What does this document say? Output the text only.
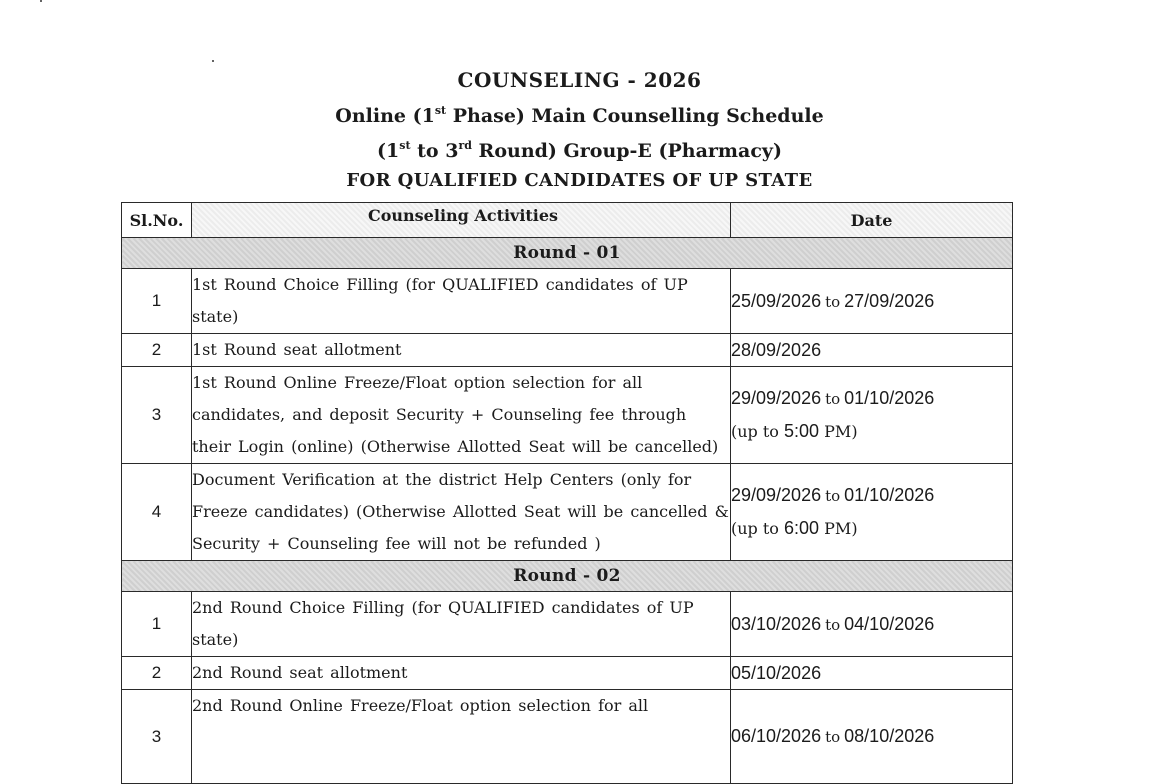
COUNSELING - 2026
Online (1st Phase) Main Counselling Schedule
(1st to 3rd Round) Group-E (Pharmacy)
FOR QUALIFIED CANDIDATES OF UP STATE
Sl.No.	Counseling Activities	Date
Round - 01		
1	1st Round Choice Filling (for QUALIFIED candidates of UP state)	25/09/2026 to 27/09/2026
2	1st Round seat allotment	28/09/2026
3	1st Round Online Freeze/Float option selection for all candidates, and deposit Security + Counseling fee through their Login (online) (Otherwise Allotted Seat will be cancelled)	29/09/2026 to 01/10/2026
(up to 5:00 PM)
4	Document Verification at the district Help Centers (only for Freeze candidates) (Otherwise Allotted Seat will be cancelled & Security + Counseling fee will not be refunded )	29/09/2026 to 01/10/2026
(up to 6:00 PM)
Round - 02		
1	2nd Round Choice Filling (for QUALIFIED candidates of UP state)	03/10/2026 to 04/10/2026
2	2nd Round seat allotment	05/10/2026
3	2nd Round Online Freeze/Float option selection for all	06/10/2026 to 08/10/2026
